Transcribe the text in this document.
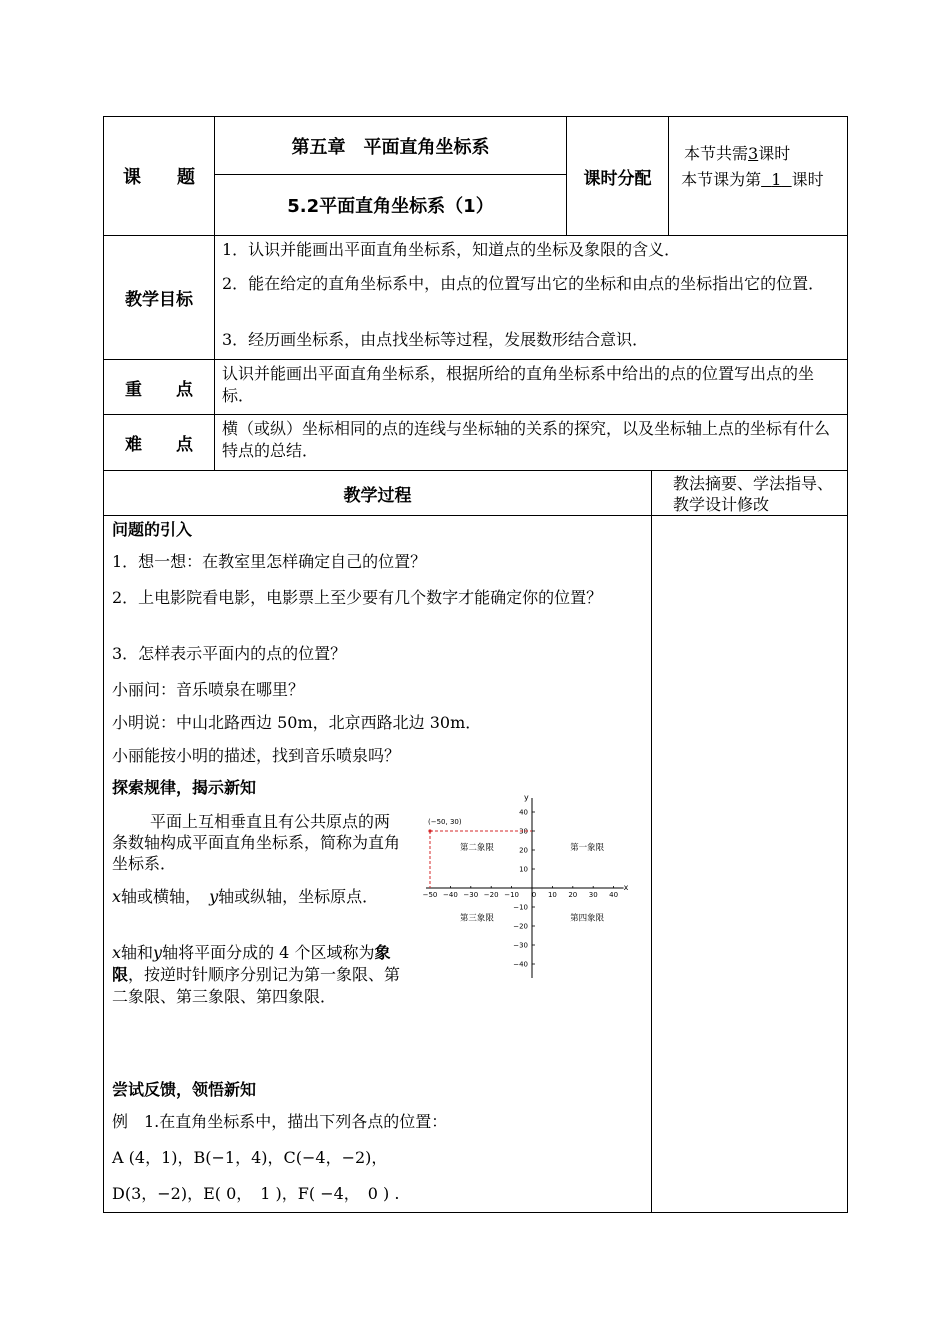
课　　题
第五章　平面直角坐标系
5.2平面直角坐标系（1）
课时分配
本节共需3课时
本节课为第 1 课时
教学目标
1．认识并能画出平面直角坐标系，知道点的坐标及象限的含义．
2．能在给定的直角坐标系中，由点的位置写出它的坐标和由点的坐标指出它的位置．
3．经历画坐标系，由点找坐标等过程，发展数形结合意识．
重　　点
认识并能画出平面直角坐标系，根据所给的直角坐标系中给出的点的位置写出点的坐标．
难　　点
横（或纵）坐标相同的点的连线与坐标轴的关系的探究，以及坐标轴上点的坐标有什么特点的总结．
教学过程
教法摘要、学法指导、教学设计修改
问题的引入
1．想一想：在教室里怎样确定自己的位置？
2．上电影院看电影，电影票上至少要有几个数字才能确定你的位置？
3．怎样表示平面内的点的位置？
小丽问：音乐喷泉在哪里？
小明说：中山北路西边 50m，北京西路北边 30m．
小丽能按小明的描述，找到音乐喷泉吗？
探索规律，揭示新知
平面上互相垂直且有公共原点的两条数轴构成平面直角坐标系，简称为直角坐标系．
x轴或横轴，　 y轴或纵轴，坐标原点．
x轴和y轴将平面分成的 4 个区域称为象限，按逆时针顺序分别记为第一象限、第二象限、第三象限、第四象限．
x
y
−50 −40 −30 −20 −10 0 10 20 30 40
40
30
20
10
−10
−20
−30
−40
(−50, 30)
第二象限	第一象限
第三象限	第四象限
尝试反馈，领悟新知
例　1.在直角坐标系中，描出下列各点的位置：
A (4，1)，B(−1，4)，C(−4，−2)，
D(3，−2)，E( 0，　1 )，F( −4，　0 ) .
